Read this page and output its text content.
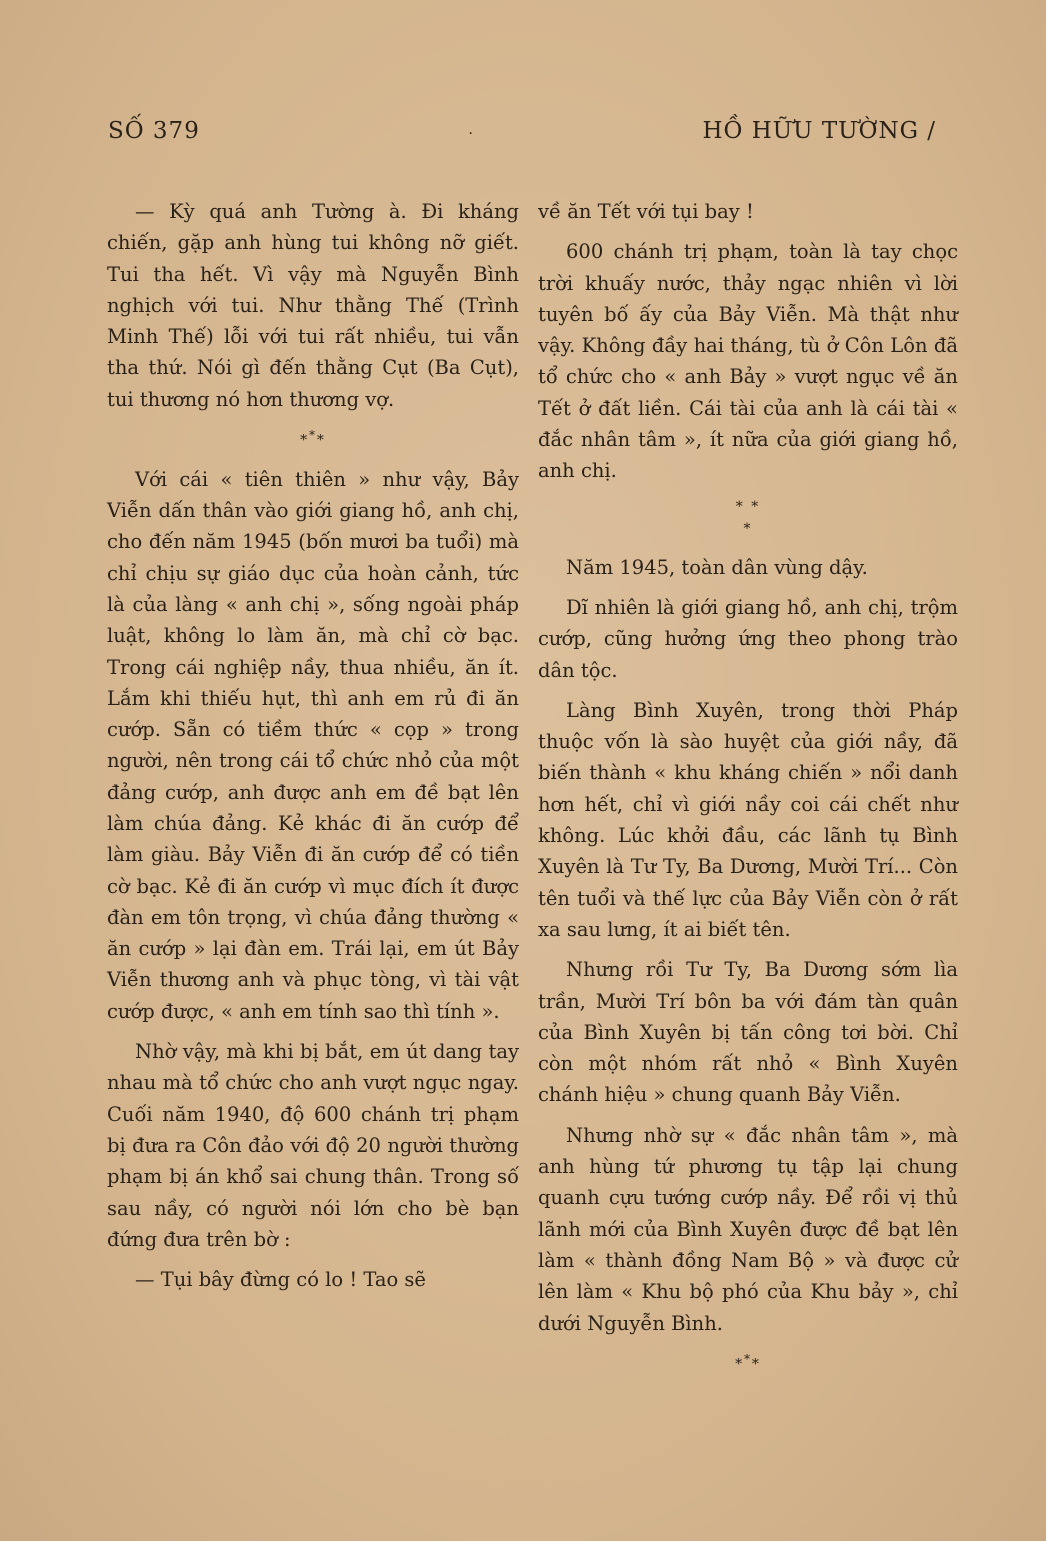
SỐ 379	·	HỒ HỮU TƯỜNG /

— Kỳ quá anh Tường à. Đi kháng chiến, gặp anh hùng tui không nỡ giết. Tui tha hết. Vì vậy mà Nguyễn Bình nghịch với tui. Như thằng Thế (Trình Minh Thế) lỗi với tui rất nhiều, tui vẫn tha thứ. Nói gì đến thằng Cụt (Ba Cụt), tui thương nó hơn thương vợ.

***

Với cái « tiên thiên » như vậy, Bảy Viễn dấn thân vào giới giang hồ, anh chị, cho đến năm 1945 (bốn mươi ba tuổi) mà chỉ chịu sự giáo dục của hoàn cảnh, tức là của làng « anh chị », sống ngoài pháp luật, không lo làm ăn, mà chỉ cờ bạc. Trong cái nghiệp nầy, thua nhiều, ăn ít. Lắm khi thiếu hụt, thì anh em rủ đi ăn cướp. Sẵn có tiềm thức « cọp » trong người, nên trong cái tổ chức nhỏ của một đảng cướp, anh được anh em đề bạt lên làm chúa đảng. Kẻ khác đi ăn cướp để làm giàu. Bảy Viễn đi ăn cướp để có tiền cờ bạc. Kẻ đi ăn cướp vì mục đích ít được đàn em tôn trọng, vì chúa đảng thường « ăn cướp » lại đàn em. Trái lại, em út Bảy Viễn thương anh và phục tòng, vì tài vật cướp được, « anh em tính sao thì tính ».

Nhờ vậy, mà khi bị bắt, em út dang tay nhau mà tổ chức cho anh vượt ngục ngay. Cuối năm 1940, độ 600 chánh trị phạm bị đưa ra Côn đảo với độ 20 người thường phạm bị án khổ sai chung thân. Trong số sau nầy, có người nói lớn cho bè bạn đứng đưa trên bờ :

— Tụi bây đừng có lo ! Tao sẽ

về ăn Tết với tụi bay !

600 chánh trị phạm, toàn là tay chọc trời khuấy nước, thảy ngạc nhiên vì lời tuyên bố ấy của Bảy Viễn. Mà thật như vậy. Không đầy hai tháng, tù ở Côn Lôn đã tổ chức cho « anh Bảy » vượt ngục về ăn Tết ở đất liền. Cái tài của anh là cái tài « đắc nhân tâm », ít nữa của giới giang hồ, anh chị.

* *
*

Năm 1945, toàn dân vùng dậy.

Dĩ nhiên là giới giang hồ, anh chị, trộm cướp, cũng hưởng ứng theo phong trào dân tộc.

Làng Bình Xuyên, trong thời Pháp thuộc vốn là sào huyệt của giới nầy, đã biến thành « khu kháng chiến » nổi danh hơn hết, chỉ vì giới nầy coi cái chết như không. Lúc khởi đầu, các lãnh tụ Bình Xuyên là Tư Ty, Ba Dương, Mười Trí... Còn tên tuổi và thế lực của Bảy Viễn còn ở rất xa sau lưng, ít ai biết tên.

Nhưng rồi Tư Ty, Ba Dương sớm lìa trần, Mười Trí bôn ba với đám tàn quân của Bình Xuyên bị tấn công tơi bời. Chỉ còn một nhóm rất nhỏ « Bình Xuyên chánh hiệu » chung quanh Bảy Viễn.

Nhưng nhờ sự « đắc nhân tâm », mà anh hùng tứ phương tụ tập lại chung quanh cựu tướng cướp nầy. Để rồi vị thủ lãnh mới của Bình Xuyên được đề bạt lên làm « thành đồng Nam Bộ » và được cử lên làm « Khu bộ phó của Khu bảy », chỉ dưới Nguyễn Bình.

***
